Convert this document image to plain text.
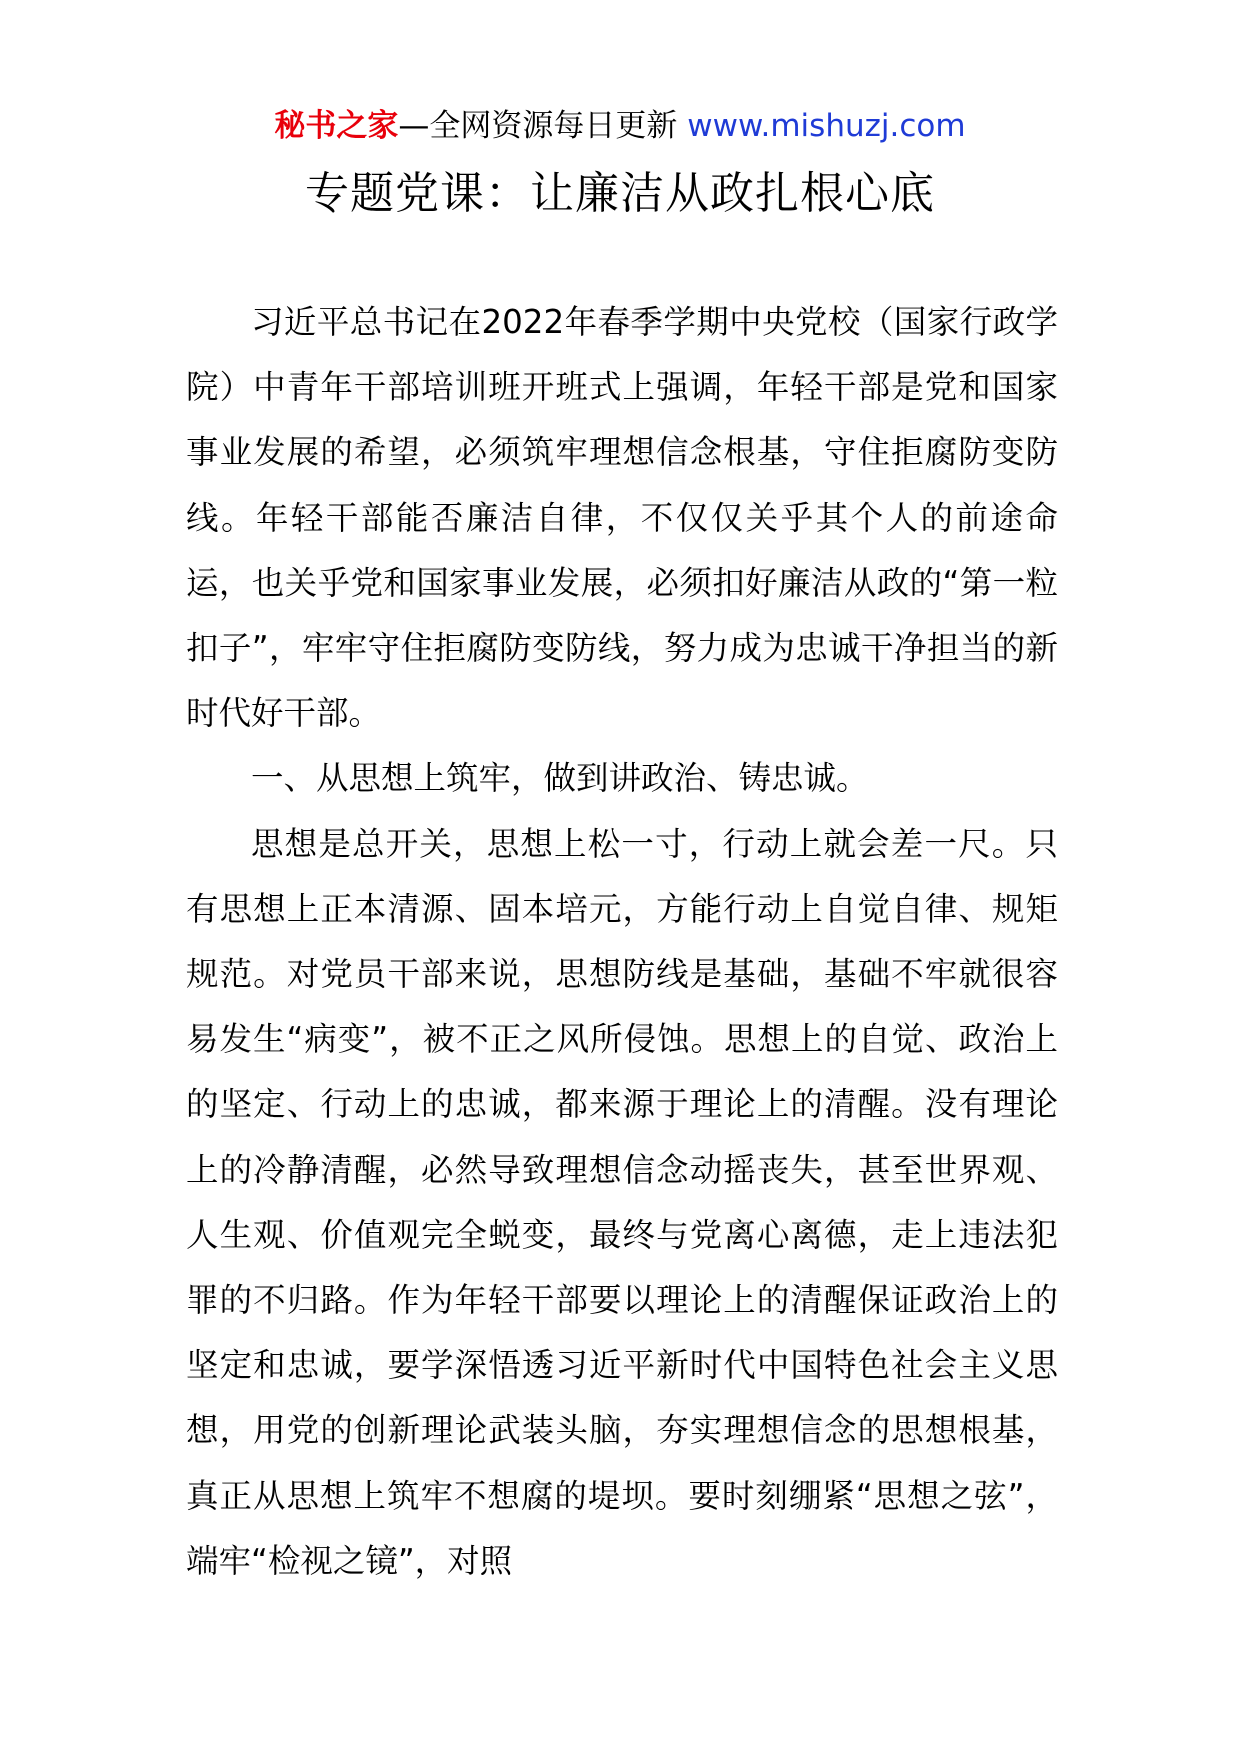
秘书之家—全网资源每日更新 www.mishuzj.com
专题党课：让廉洁从政扎根心底

习近平总书记在2022年春季学期中央党校（国家行政学院）中青年干部培训班开班式上强调，年轻干部是党和国家事业发展的希望，必须筑牢理想信念根基，守住拒腐防变防线。年轻干部能否廉洁自律，不仅仅关乎其个人的前途命运，也关乎党和国家事业发展，必须扣好廉洁从政的“第一粒扣子”，牢牢守住拒腐防变防线，努力成为忠诚干净担当的新时代好干部。

一、从思想上筑牢，做到讲政治、铸忠诚。

思想是总开关，思想上松一寸，行动上就会差一尺。只有思想上正本清源、固本培元，方能行动上自觉自律、规矩规范。对党员干部来说，思想防线是基础，基础不牢就很容易发生“病变”，被不正之风所侵蚀。思想上的自觉、政治上的坚定、行动上的忠诚，都来源于理论上的清醒。没有理论上的冷静清醒，必然导致理想信念动摇丧失，甚至世界观、人生观、价值观完全蜕变，最终与党离心离德，走上违法犯罪的不归路。作为年轻干部要以理论上的清醒保证政治上的坚定和忠诚，要学深悟透习近平新时代中国特色社会主义思想，用党的创新理论武装头脑，夯实理想信念的思想根基，真正从思想上筑牢不想腐的堤坝。要时刻绷紧“思想之弦”，端牢“检视之镜”，对照
